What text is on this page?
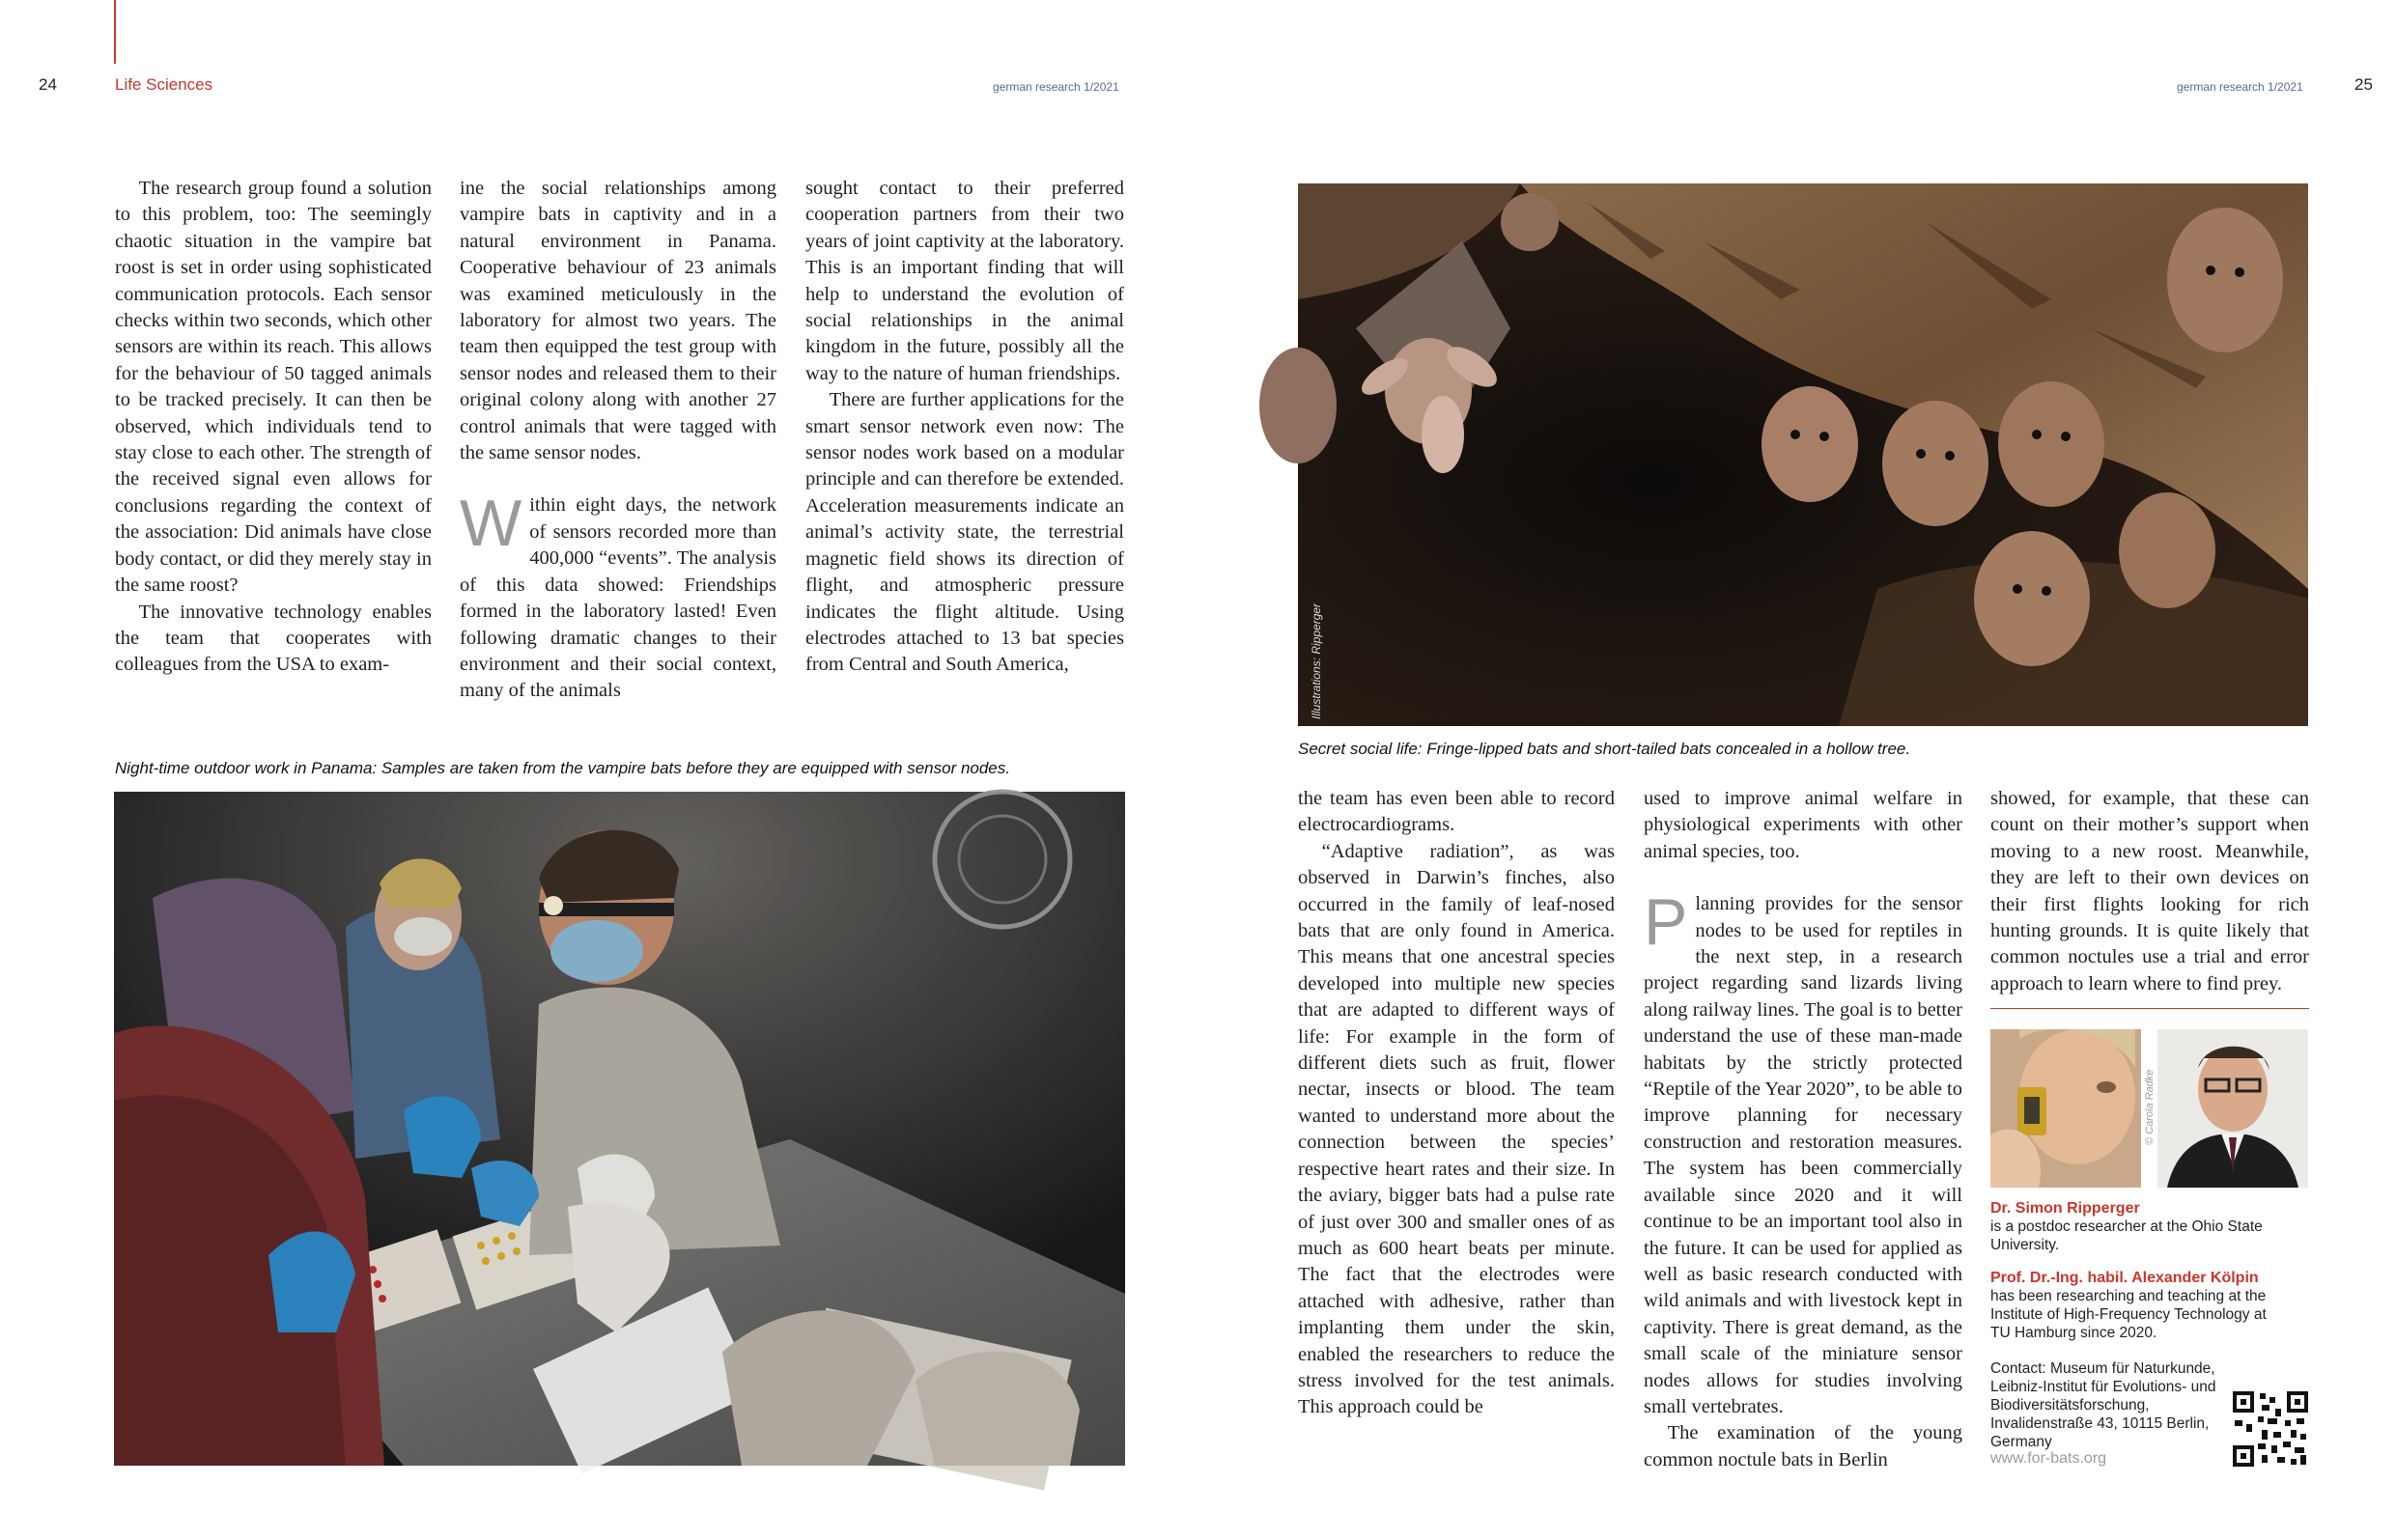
24	Life Sciences	german research 1/2021	german research 1/2021	25

The research group found a solution to this problem, too: The seemingly chaotic situation in the vampire bat roost is set in order using sophisticated communication protocols. Each sensor checks within two seconds, which other sensors are within its reach. This allows for the behaviour of 50 tagged animals to be tracked precisely. It can then be observed, which individuals tend to stay close to each other. The strength of the received signal even allows for conclusions regarding the context of the association: Did animals have close body contact, or did they merely stay in the same roost?

The innovative technology enables the team that cooperates with colleagues from the USA to exam-

ine the social relationships among vampire bats in captivity and in a natural environment in Panama. Cooperative behaviour of 23 animals was examined meticulously in the laboratory for almost two years. The team then equipped the test group with sensor nodes and released them to their original colony along with another 27 control animals that were tagged with the same sensor nodes.

Within eight days, the network of sensors recorded more than 400,000 “events”. The analysis of this data showed: Friendships formed in the laboratory lasted! Even following dramatic changes to their environment and their social context, many of the animals

sought contact to their preferred cooperation partners from their two years of joint captivity at the laboratory. This is an important finding that will help to understand the evolution of social relationships in the animal kingdom in the future, possibly all the way to the nature of human friendships.

There are further applications for the smart sensor network even now: The sensor nodes work based on a modular principle and can therefore be extended. Acceleration measurements indicate an animal’s activity state, the terrestrial magnetic field shows its direction of flight, and atmospheric pressure indicates the flight altitude. Using electrodes attached to 13 bat species from Central and South America,

Night-time outdoor work in Panama: Samples are taken from the vampire bats before they are equipped with sensor nodes.
Illustrations: Ripperger
Secret social life: Fringe-lipped bats and short-tailed bats concealed in a hollow tree.

the team has even been able to record electrocardiograms.

“Adaptive radiation”, as was observed in Darwin’s finches, also occurred in the family of leaf-nosed bats that are only found in America. This means that one ancestral species developed into multiple new species that are adapted to different ways of life: For example in the form of different diets such as fruit, flower nectar, insects or blood. The team wanted to understand more about the connection between the species’ respective heart rates and their size. In the aviary, bigger bats had a pulse rate of just over 300 and smaller ones of as much as 600 heart beats per minute. The fact that the electrodes were attached with adhesive, rather than implanting them under the skin, enabled the researchers to reduce the stress involved for the test animals. This approach could be

used to improve animal welfare in physiological experiments with other animal species, too.

Planning provides for the sensor nodes to be used for reptiles in the next step, in a research project regarding sand lizards living along railway lines. The goal is to better understand the use of these man-made habitats by the strictly protected “Reptile of the Year 2020”, to be able to improve planning for necessary construction and restoration measures. The system has been commercially available since 2020 and it will continue to be an important tool also in the future. It can be used for applied as well as basic research conducted with wild animals and with livestock kept in captivity. There is great demand, as the small scale of the miniature sensor nodes allows for studies involving small vertebrates.

The examination of the young common noctule bats in Berlin

showed, for example, that these can count on their mother’s support when moving to a new roost. Meanwhile, they are left to their own devices on their first flights looking for rich hunting grounds. It is quite likely that common noctules use a trial and error approach to learn where to find prey.

© Carola Radke
Dr. Simon Ripperger
is a postdoc researcher at the Ohio State University.
Prof. Dr.-Ing. habil. Alexander Kölpin
has been researching and teaching at the Institute of High-Frequency Technology at TU Hamburg since 2020.
Contact: Museum für Naturkunde, Leibniz-Institut für Evolutions- und Biodiversitätsforschung, Invalidenstraße 43, 10115 Berlin, Germany
www.for-bats.org
